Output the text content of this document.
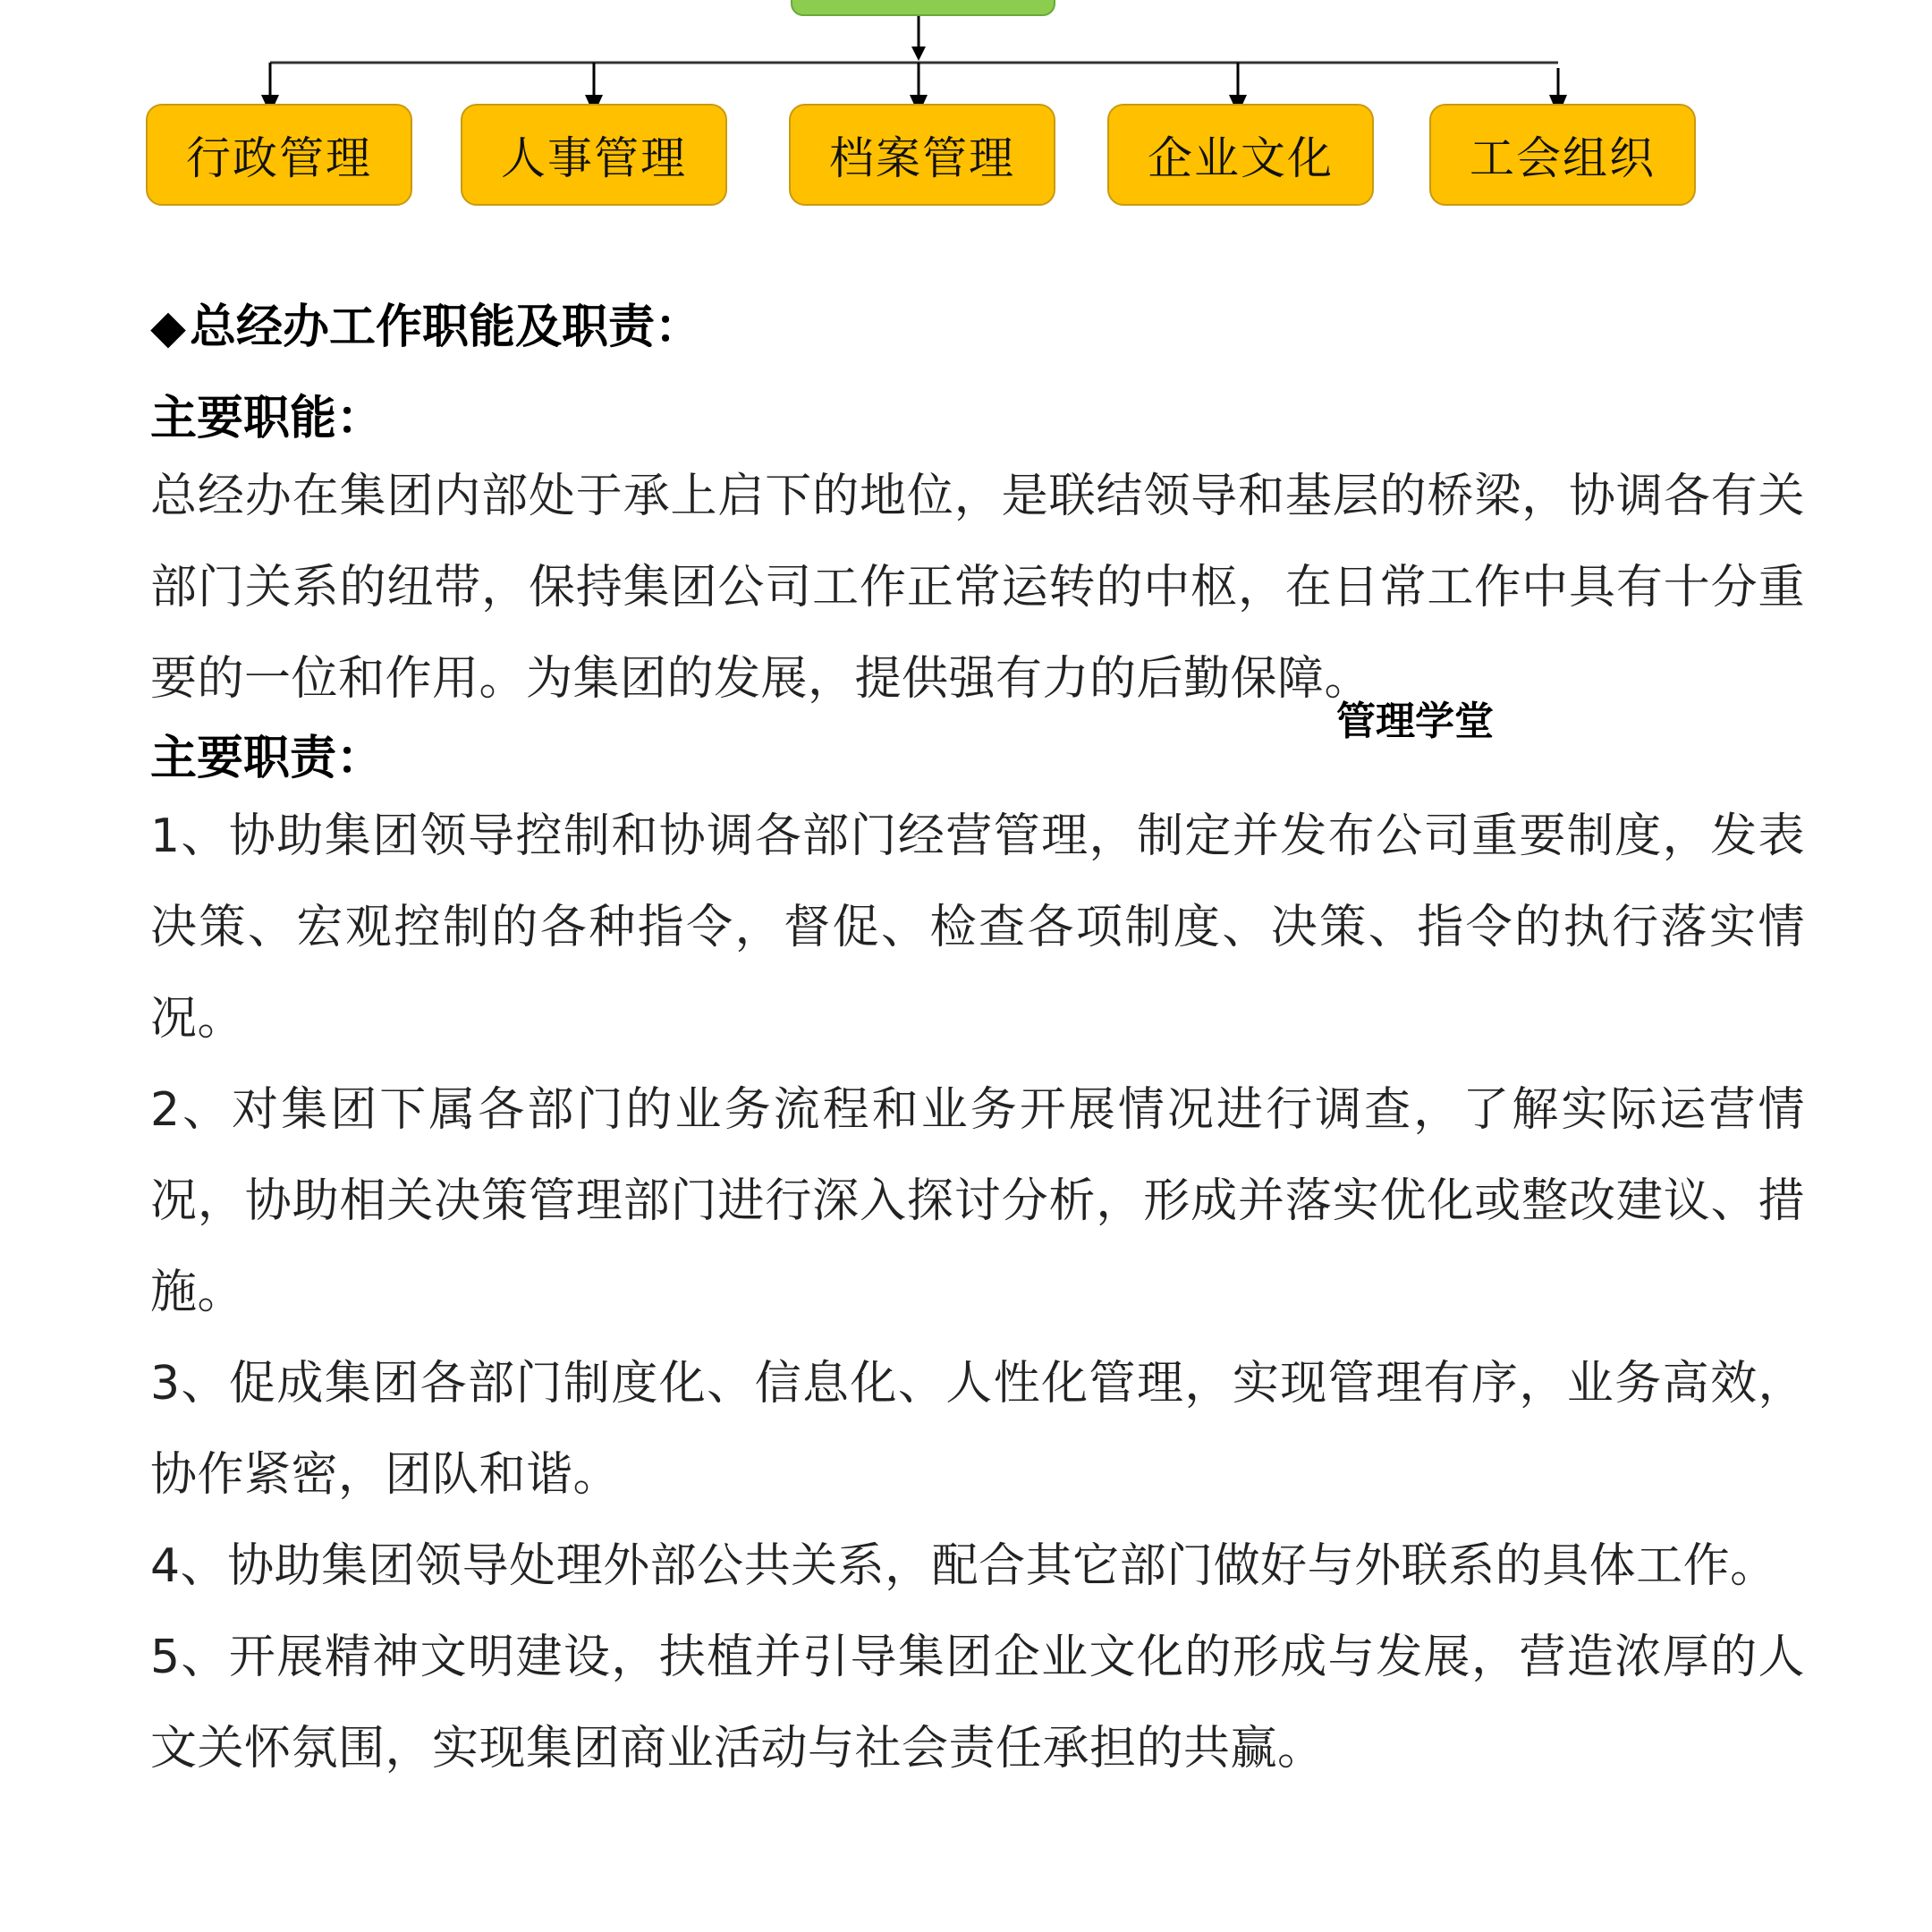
行政管理	人事管理	档案管理	企业文化	工会组织
◆总经办工作职能及职责：
主要职能：

总经办在集团内部处于承上启下的地位，是联结领导和基层的桥梁，协调各有关部门关系的纽带，保持集团公司工作正常运转的中枢，在日常工作中具有十分重要的一位和作用。为集团的发展，提供强有力的后勤保障。

主要职责：

1、协助集团领导控制和协调各部门经营管理，制定并发布公司重要制度，发表决策、宏观控制的各种指令，督促、检查各项制度、决策、指令的执行落实情况。

2、对集团下属各部门的业务流程和业务开展情况进行调查，了解实际运营情况，协助相关决策管理部门进行深入探讨分析，形成并落实优化或整改建议、措施。

3、促成集团各部门制度化、信息化、人性化管理，实现管理有序，业务高效，协作紧密，团队和谐。

4、协助集团领导处理外部公共关系，配合其它部门做好与外联系的具体工作。

5、开展精神文明建设，扶植并引导集团企业文化的形成与发展，营造浓厚的人文关怀氛围，实现集团商业活动与社会责任承担的共赢。

管理学堂
